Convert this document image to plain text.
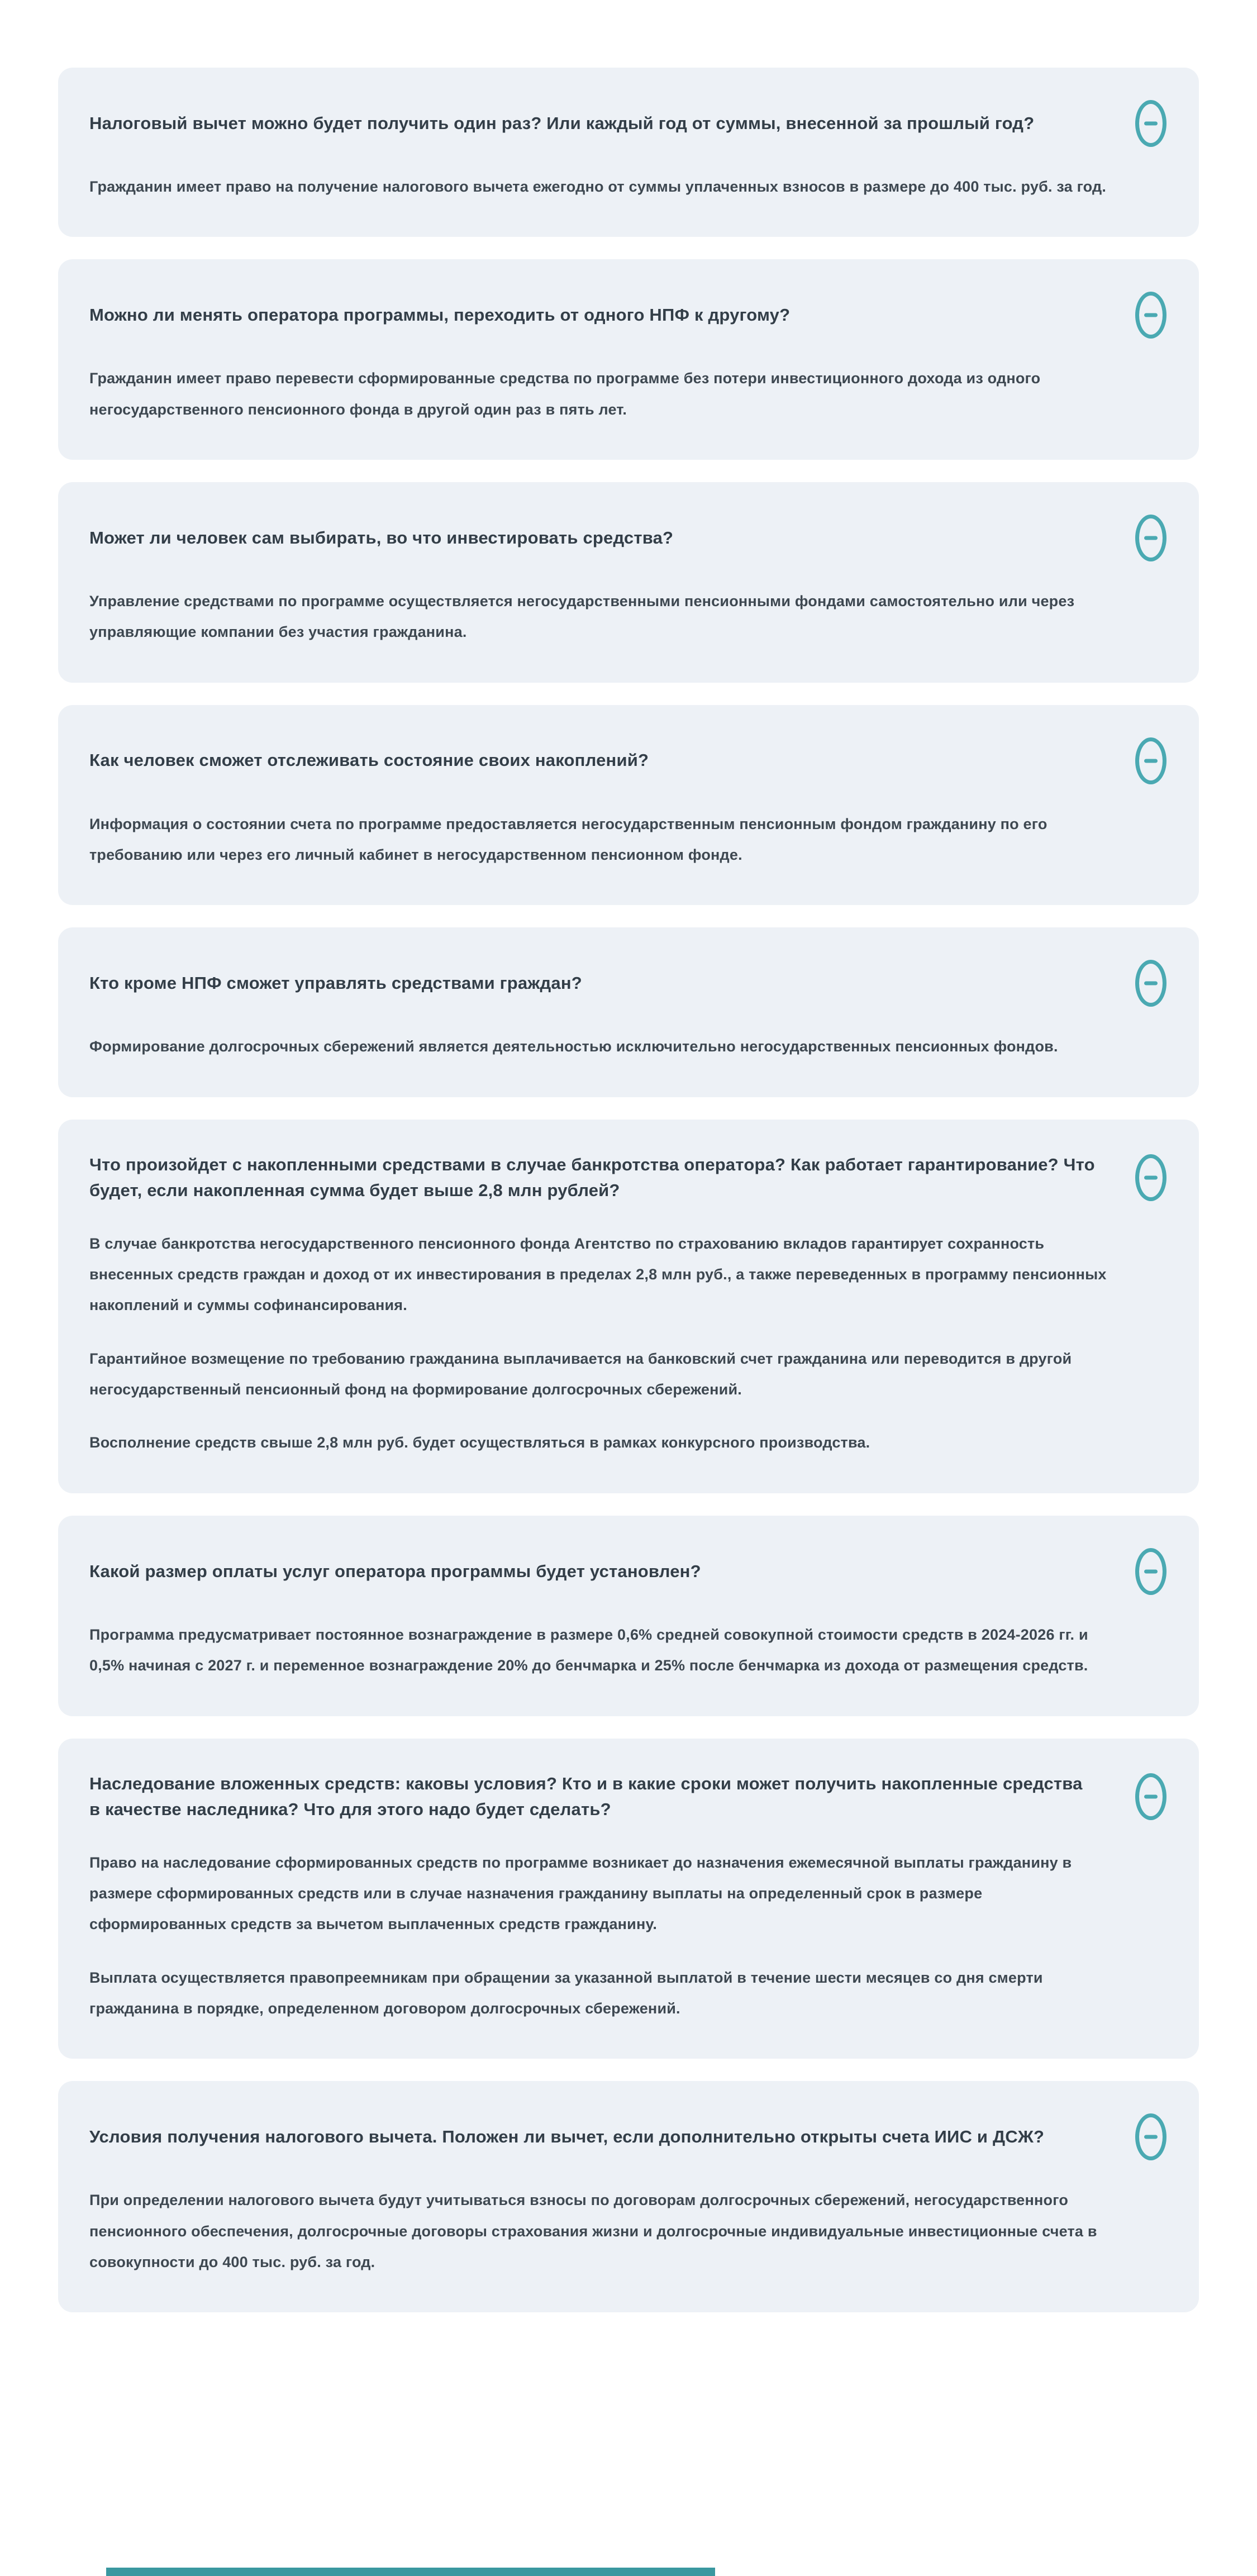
Налоговый вычет можно будет получить один раз? Или каждый год от суммы, внесенной за прошлый год?

Гражданин имеет право на получение налогового вычета ежегодно от суммы уплаченных взносов в размере до 400 тыс. руб. за год.

Можно ли менять оператора программы, переходить от одного НПФ к другому?

Гражданин имеет право перевести сформированные средства по программе без потери инвестиционного дохода из одного негосударственного пенсионного фонда в другой один раз в пять лет.

Может ли человек сам выбирать, во что инвестировать средства?

Управление средствами по программе осуществляется негосударственными пенсионными фондами самостоятельно или через управляющие компании без участия гражданина.

Как человек сможет отслеживать состояние своих накоплений?

Информация о состоянии счета по программе предоставляется негосударственным пенсионным фондом гражданину по его требованию или через его личный кабинет в негосударственном пенсионном фонде.

Кто кроме НПФ сможет управлять средствами граждан?

Формирование долгосрочных сбережений является деятельностью исключительно негосударственных пенсионных фондов.

Что произойдет с накопленными средствами в случае банкротства оператора? Как работает гарантирование? Что будет, если накопленная сумма будет выше 2,8 млн рублей?

В случае банкротства негосударственного пенсионного фонда Агентство по страхованию вкладов гарантирует сохранность внесенных средств граждан и доход от их инвестирования в пределах 2,8 млн руб., а также переведенных в программу пенсионных накоплений и суммы софинансирования.

Гарантийное возмещение по требованию гражданина выплачивается на банковский счет гражданина или переводится в другой негосударственный пенсионный фонд на формирование долгосрочных сбережений.

Восполнение средств свыше 2,8 млн руб. будет осуществляться в рамках конкурсного производства.

Какой размер оплаты услуг оператора программы будет установлен?

Программа предусматривает постоянное вознаграждение в размере 0,6% средней совокупной стоимости средств в 2024-2026 гг. и 0,5% начиная с 2027 г. и переменное вознаграждение 20% до бенчмарка и 25% после бенчмарка из дохода от размещения средств.

Наследование вложенных средств: каковы условия? Кто и в какие сроки может получить накопленные средства в качестве наследника? Что для этого надо будет сделать?

Право на наследование сформированных средств по программе возникает до назначения ежемесячной выплаты гражданину в размере сформированных средств или в случае назначения гражданину выплаты на определенный срок в размере сформированных средств за вычетом выплаченных средств гражданину.

Выплата осуществляется правопреемникам при обращении за указанной выплатой в течение шести месяцев со дня смерти гражданина в порядке, определенном договором долгосрочных сбережений.

Условия получения налогового вычета. Положен ли вычет, если дополнительно открыты счета ИИС и ДСЖ?

При определении налогового вычета будут учитываться взносы по договорам долгосрочных сбережений, негосударственного пенсионного обеспечения, долгосрочные договоры страхования жизни и долгосрочные индивидуальные инвестиционные счета в совокупности до 400 тыс. руб. за год.
